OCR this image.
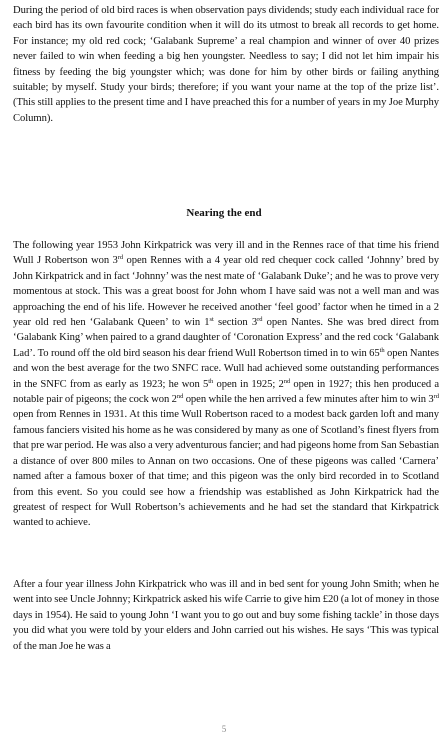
During the period of old bird races is when observation pays dividends; study each individual race for each bird has its own favourite condition when it will do its utmost to break all records to get home. For instance; my old red cock; ‘Galabank Supreme’ a real champion and winner of over 40 prizes never failed to win when feeding a big hen youngster. Needless to say; I did not let him impair his fitness by feeding the big youngster which; was done for him by other birds or failing anything suitable; by myself. Study your birds; therefore; if you want your name at the top of the prize list’. (This still applies to the present time and I have preached this for a number of years in my Joe Murphy Column).

Nearing the end

The following year 1953 John Kirkpatrick was very ill and in the Rennes race of that time his friend Wull J Robertson won 3rd open Rennes with a 4 year old red chequer cock called ‘Johnny’ bred by John Kirkpatrick and in fact ‘Johnny’ was the nest mate of ‘Galabank Duke’; and he was to prove very momentous at stock. This was a great boost for John whom I have said was not a well man and was approaching the end of his life. However he received another ‘feel good’ factor when he timed in a 2 year old red hen ‘Galabank Queen’ to win 1st section 3rd open Nantes. She was bred direct from ‘Galabank King’ when paired to a grand daughter of ‘Coronation Express’ and the red cock ‘Galabank Lad’. To round off the old bird season his dear friend Wull Robertson timed in to win 65th open Nantes and won the best average for the two SNFC race. Wull had achieved some outstanding performances in the SNFC from as early as 1923; he won 5th open in 1925; 2nd open in 1927; this hen produced a notable pair of pigeons; the cock won 2nd open while the hen arrived a few minutes after him to win 3rd open from Rennes in 1931. At this time Wull Robertson raced to a modest back garden loft and many famous fanciers visited his home as he was considered by many as one of Scotland’s finest flyers from that pre war period. He was also a very adventurous fancier; and had pigeons home from San Sebastian a distance of over 800 miles to Annan on two occasions. One of these pigeons was called ‘Carnera’ named after a famous boxer of that time; and this pigeon was the only bird recorded in to Scotland from this event. So you could see how a friendship was established as John Kirkpatrick had the greatest of respect for Wull Robertson’s achievements and he had set the standard that Kirkpatrick wanted to achieve.

After a four year illness John Kirkpatrick who was ill and in bed sent for young John Smith; when he went into see Uncle Johnny; Kirkpatrick asked his wife Carrie to give him £20 (a lot of money in those days in 1954). He said to young John ‘I want you to go out and buy some fishing tackle’ in those days you did what you were told by your elders and John carried out his wishes. He says ‘This was typical of the man Joe he was a

5
